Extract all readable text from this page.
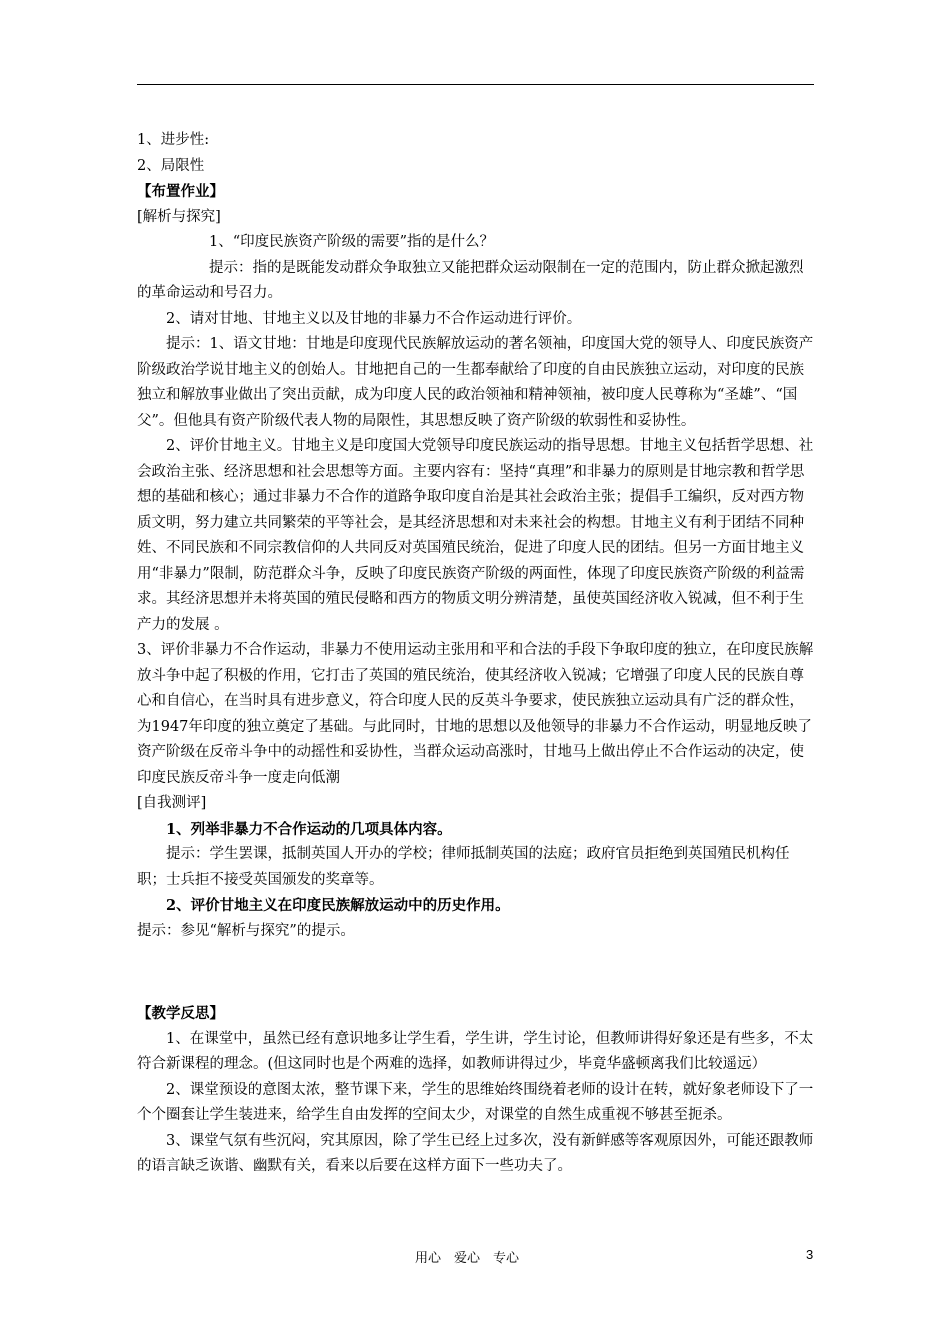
1、进步性:

2、局限性

【布置作业】

[解析与探究]

1、“印度民族资产阶级的需要”指的是什么？

提示：指的是既能发动群众争取独立又能把群众运动限制在一定的范围内，防止群众掀起激烈的革命运动和号召力。

2、请对甘地、甘地主义以及甘地的非暴力不合作运动进行评价。

提示：1、语文甘地：甘地是印度现代民族解放运动的著名领袖，印度国大党的领导人、印度民族资产阶级政治学说甘地主义的创始人。甘地把自己的一生都奉献给了印度的自由民族独立运动，对印度的民族独立和解放事业做出了突出贡献，成为印度人民的政治领袖和精神领袖，被印度人民尊称为“圣雄”、“国父”。但他具有资产阶级代表人物的局限性，其思想反映了资产阶级的软弱性和妥协性。

2、评价甘地主义。甘地主义是印度国大党领导印度民族运动的指导思想。甘地主义包括哲学思想、社会政治主张、经济思想和社会思想等方面。主要内容有：坚持“真理”和非暴力的原则是甘地宗教和哲学思想的基础和核心；通过非暴力不合作的道路争取印度自治是其社会政治主张；提倡手工编织，反对西方物质文明，努力建立共同繁荣的平等社会，是其经济思想和对未来社会的构想。甘地主义有利于团结不同种姓、不同民族和不同宗教信仰的人共同反对英国殖民统治，促进了印度人民的团结。但另一方面甘地主义用“非暴力”限制，防范群众斗争，反映了印度民族资产阶级的两面性，体现了印度民族资产阶级的利益需求。其经济思想并未将英国的殖民侵略和西方的物质文明分辨清楚，虽使英国经济收入锐减，但不利于生产力的发展 。

3、评价非暴力不合作运动，非暴力不使用运动主张用和平和合法的手段下争取印度的独立，在印度民族解放斗争中起了积极的作用，它打击了英国的殖民统治，使其经济收入锐减；它增强了印度人民的民族自尊心和自信心，在当时具有进步意义，符合印度人民的反英斗争要求，使民族独立运动具有广泛的群众性，为1947年印度的独立奠定了基础。与此同时，甘地的思想以及他领导的非暴力不合作运动，明显地反映了资产阶级在反帝斗争中的动摇性和妥协性，当群众运动高涨时，甘地马上做出停止不合作运动的决定，使印度民族反帝斗争一度走向低潮

[自我测评]

1、列举非暴力不合作运动的几项具体内容。

提示：学生罢课，抵制英国人开办的学校；律师抵制英国的法庭；政府官员拒绝到英国殖民机构任职；士兵拒不接受英国颁发的奖章等。

2、评价甘地主义在印度民族解放运动中的历史作用。

提示：参见“解析与探究”的提示。

【教学反思】

1、在课堂中，虽然已经有意识地多让学生看，学生讲，学生讨论，但教师讲得好象还是有些多，不太符合新课程的理念。(但这同时也是个两难的选择，如教师讲得过少，毕竟华盛顿离我们比较遥远）

2、课堂预设的意图太浓，整节课下来，学生的思维始终围绕着老师的设计在转，就好象老师设下了一个个圈套让学生装进来，给学生自由发挥的空间太少，对课堂的自然生成重视不够甚至扼杀。

3、课堂气氛有些沉闷，究其原因，除了学生已经上过多次，没有新鲜感等客观原因外，可能还跟教师的语言缺乏诙谐、幽默有关，看来以后要在这样方面下一些功夫了。

用心　爱心　专心	3
